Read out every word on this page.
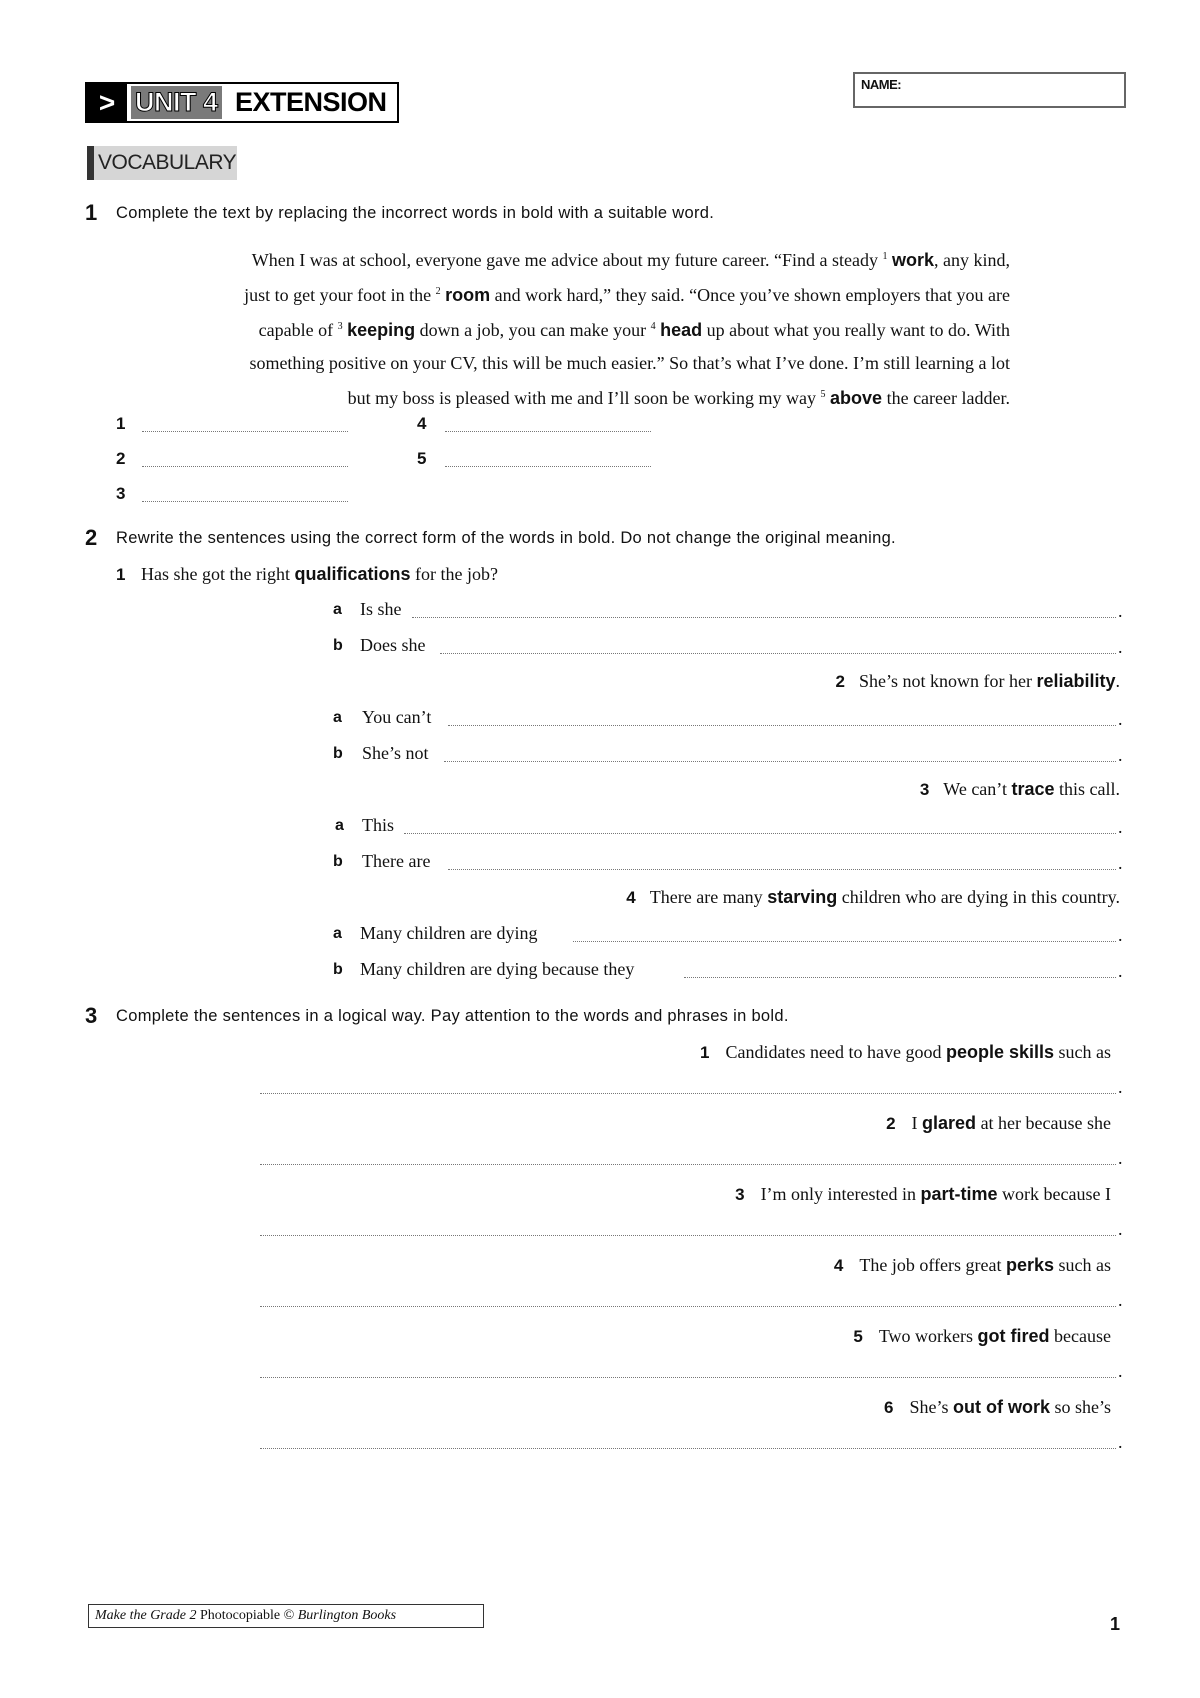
> UNIT 4 EXTENSION
NAME:
VOCABULARY
1 Complete the text by replacing the incorrect words in bold with a suitable word.
When I was at school, everyone gave me advice about my future career. “Find a steady $^1$ work, any kind,
just to get your foot in the $^2$ room and work hard,” they said. “Once you’ve shown employers that you are
capable of $^3$ keeping down a job, you can make your $^4$ head up about what you really want to do. With
something positive on your CV, this will be much easier.” So that’s what I’ve done. I’m still learning a lot
but my boss is pleased with me and I’ll soon be working my way $^5$ above the career ladder.
1
2
3
4
5
2 Rewrite the sentences using the correct form of the words in bold. Do not change the original meaning.
1 Has she got the right qualifications for the job?
a Is she	.
b Does she	.
2 She’s not known for her reliability.
a You can’t	.
b She’s not	.
3 We can’t trace this call.
a This	.
b There are	.
4 There are many starving children who are dying in this country.
a Many children are dying	.
b Many children are dying because they	.
3 Complete the sentences in a logical way. Pay attention to the words and phrases in bold.
1 Candidates need to have good people skills such as
.
2 I glared at her because she
.
3 I’m only interested in part-time work because I
.
4 The job offers great perks such as
.
5 Two workers got fired because
.
6 She’s out of work so she’s
.
Make the Grade 2 Photocopiable © Burlington Books	1
